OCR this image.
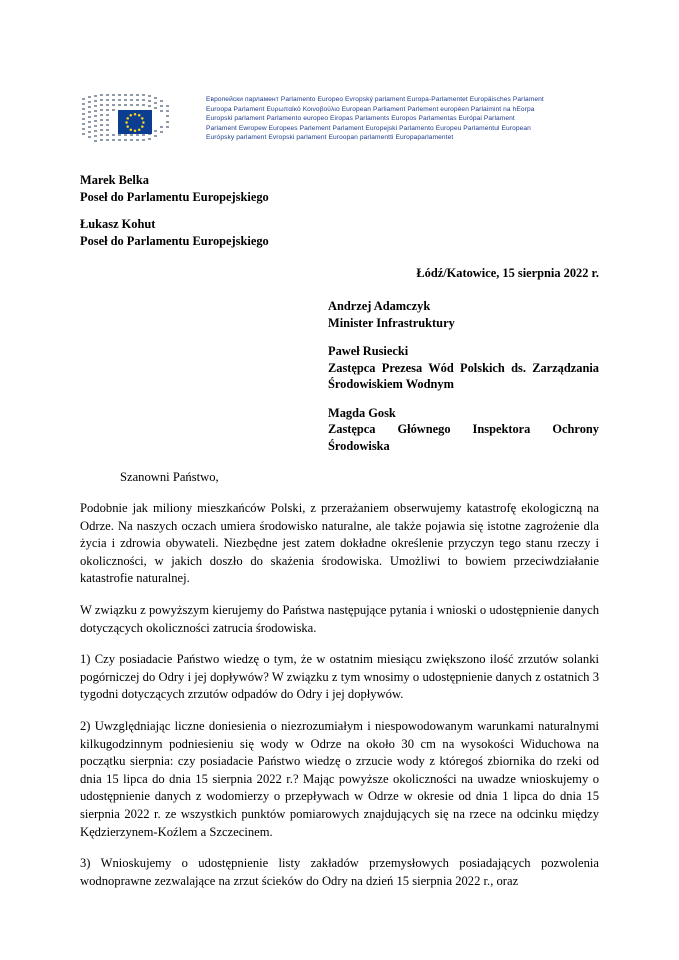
Европейски парламент Parlamento Europeo Evropský parlament Europa-Parlamentet Europäisches Parlament
Euroopa Parlament Ευρωπαϊκό Κοινοβούλιο European Parliament Parlement européen Parlaimint na hEorpa
Europski parlament Parlamento europeo Eiropas Parlaments Europos Parlamentas Európai Parlament
Parlament Ewropew Europees Parlement Parlament Europejski Parlamento Europeu Parlamentul European
Európsky parlament Evropski parlament Euroopan parlamentti Europaparlamentet
Marek Belka
Poseł do Parlamentu Europejskiego
Łukasz Kohut
Poseł do Parlamentu Europejskiego
Łódź/Katowice, 15 sierpnia 2022 r.
Andrzej Adamczyk
Minister Infrastruktury
Paweł Rusiecki
Zastępca Prezesa Wód Polskich ds. Zarządzania Środowiskiem Wodnym
Magda Gosk
Zastępca Głównego Inspektora Ochrony Środowiska
Szanowni Państwo,

Podobnie jak miliony mieszkańców Polski, z przerażaniem obserwujemy katastrofę ekologiczną na Odrze. Na naszych oczach umiera środowisko naturalne, ale także pojawia się istotne zagrożenie dla życia i zdrowia obywateli. Niezbędne jest zatem dokładne określenie przyczyn tego stanu rzeczy i okoliczności, w jakich doszło do skażenia środowiska. Umożliwi to bowiem przeciwdziałanie katastrofie naturalnej.

W związku z powyższym kierujemy do Państwa następujące pytania i wnioski o udostępnienie danych dotyczących okoliczności zatrucia środowiska.

1) Czy posiadacie Państwo wiedzę o tym, że w ostatnim miesiącu zwiększono ilość zrzutów solanki pogórniczej do Odry i jej dopływów? W związku z tym wnosimy o udostępnienie danych z ostatnich 3 tygodni dotyczących zrzutów odpadów do Odry i jej dopływów.

2) Uwzględniając liczne doniesienia o niezrozumiałym i niespowodowanym warunkami naturalnymi kilkugodzinnym podniesieniu się wody w Odrze na około 30 cm na wysokości Widuchowa na początku sierpnia: czy posiadacie Państwo wiedzę o zrzucie wody z któregoś zbiornika do rzeki od dnia 15 lipca do dnia 15 sierpnia 2022 r.? Mając powyższe okoliczności na uwadze wnioskujemy o udostępnienie danych z wodomierzy o przepływach w Odrze w okresie od dnia 1 lipca do dnia 15 sierpnia 2022 r. ze wszystkich punktów pomiarowych znajdujących się na rzece na odcinku między Kędzierzynem-Koźlem a Szczecinem.

3) Wnioskujemy o udostępnienie listy zakładów przemysłowych posiadających pozwolenia wodnoprawne zezwalające na zrzut ścieków do Odry na dzień 15 sierpnia 2022 r., oraz
